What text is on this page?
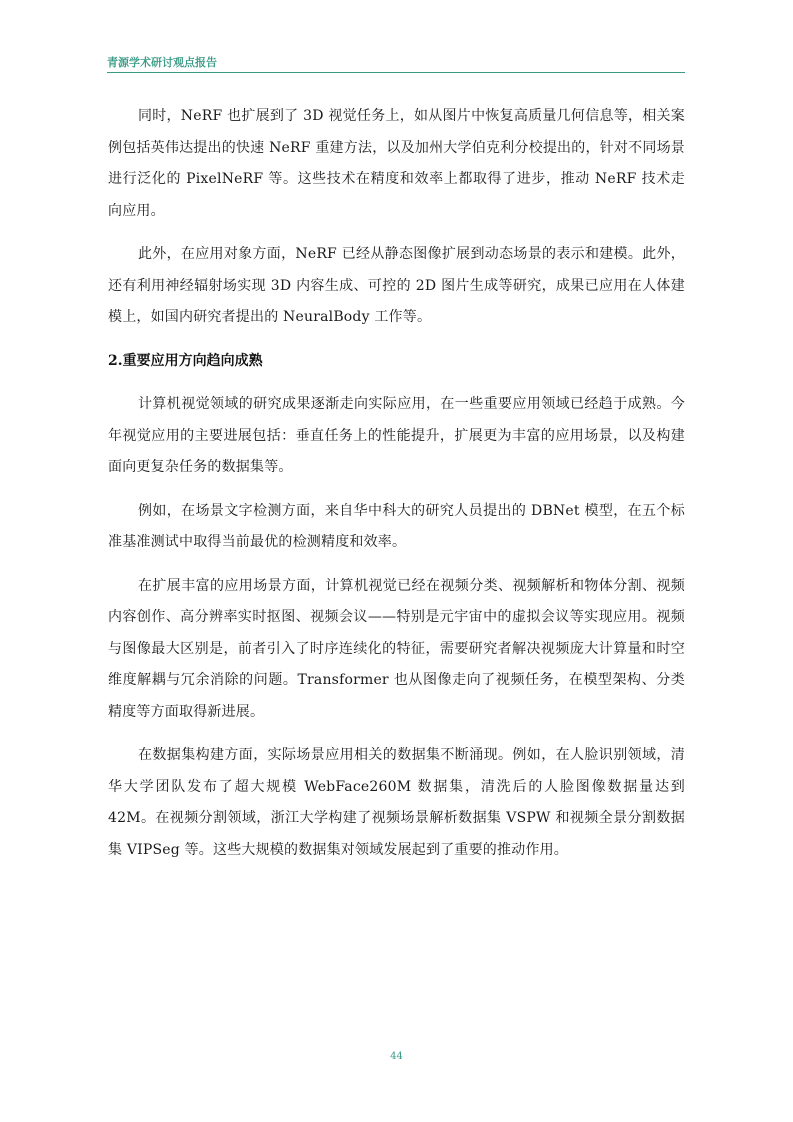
青源学术研讨观点报告

同时，NeRF 也扩展到了 3D 视觉任务上，如从图片中恢复高质量几何信息等，相关案例包括英伟达提出的快速 NeRF 重建方法，以及加州大学伯克利分校提出的，针对不同场景进行泛化的 PixelNeRF 等。这些技术在精度和效率上都取得了进步，推动 NeRF 技术走向应用。

此外，在应用对象方面，NeRF 已经从静态图像扩展到动态场景的表示和建模。此外，还有利用神经辐射场实现 3D 内容生成、可控的 2D 图片生成等研究，成果已应用在人体建模上，如国内研究者提出的 NeuralBody 工作等。

2.重要应用方向趋向成熟

计算机视觉领域的研究成果逐渐走向实际应用，在一些重要应用领域已经趋于成熟。今年视觉应用的主要进展包括：垂直任务上的性能提升，扩展更为丰富的应用场景，以及构建面向更复杂任务的数据集等。

例如，在场景文字检测方面，来自华中科大的研究人员提出的 DBNet 模型，在五个标准基准测试中取得当前最优的检测精度和效率。

在扩展丰富的应用场景方面，计算机视觉已经在视频分类、视频解析和物体分割、视频内容创作、高分辨率实时抠图、视频会议——特别是元宇宙中的虚拟会议等实现应用。视频与图像最大区别是，前者引入了时序连续化的特征，需要研究者解决视频庞大计算量和时空维度解耦与冗余消除的问题。Transformer 也从图像走向了视频任务，在模型架构、分类精度等方面取得新进展。

在数据集构建方面，实际场景应用相关的数据集不断涌现。例如，在人脸识别领域，清华大学团队发布了超大规模 WebFace260M 数据集，清洗后的人脸图像数据量达到 42M。在视频分割领域，浙江大学构建了视频场景解析数据集 VSPW 和视频全景分割数据集 VIPSeg 等。这些大规模的数据集对领域发展起到了重要的推动作用。

44
